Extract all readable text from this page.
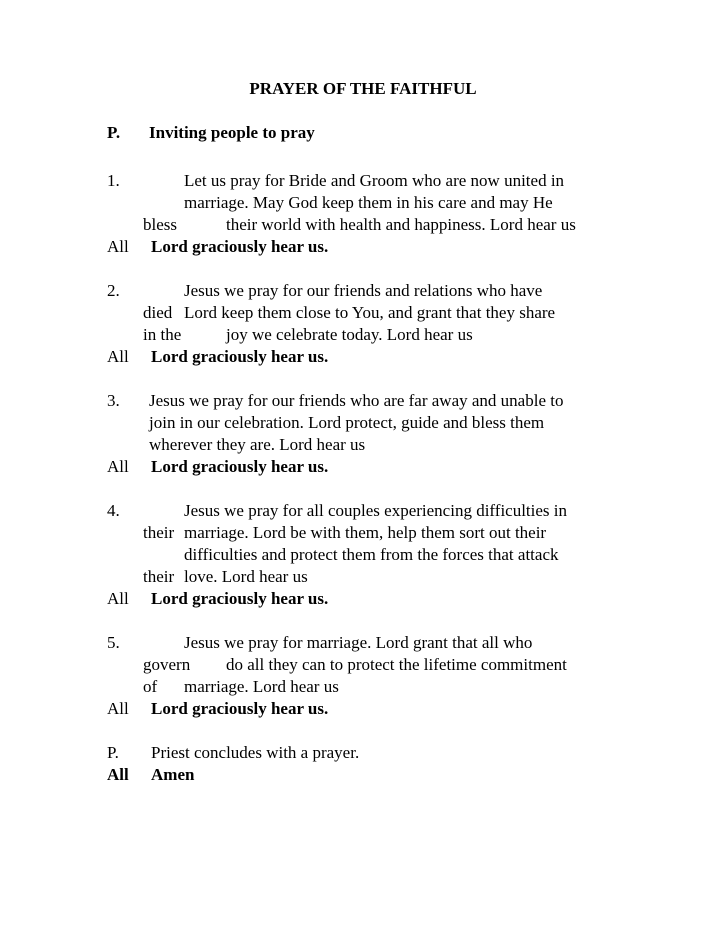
PRAYER OF THE FAITHFUL
P. Inviting people to pray
1.	Let us pray for Bride and Groom who are now united in
marriage. May God keep them in his care and may He
bless	their world with health and happiness. Lord hear us
All Lord graciously hear us.
2.	Jesus we pray for our friends and relations who have
died Lord keep them close to You, and grant that they share
in the	joy we celebrate today. Lord hear us
All Lord graciously hear us.
3. Jesus we pray for our friends who are far away and unable to
join in our celebration. Lord protect, guide and bless them
wherever they are. Lord hear us
All Lord graciously hear us.
4.	Jesus we pray for all couples experiencing difficulties in
their marriage. Lord be with them, help them sort out their
difficulties and protect them from the forces that attack
their love. Lord hear us
All Lord graciously hear us.
5.	Jesus we pray for marriage. Lord grant that all who
govern do all they can to protect the lifetime commitment
of marriage. Lord hear us
All Lord graciously hear us.
P. Priest concludes with a prayer.
All Amen
